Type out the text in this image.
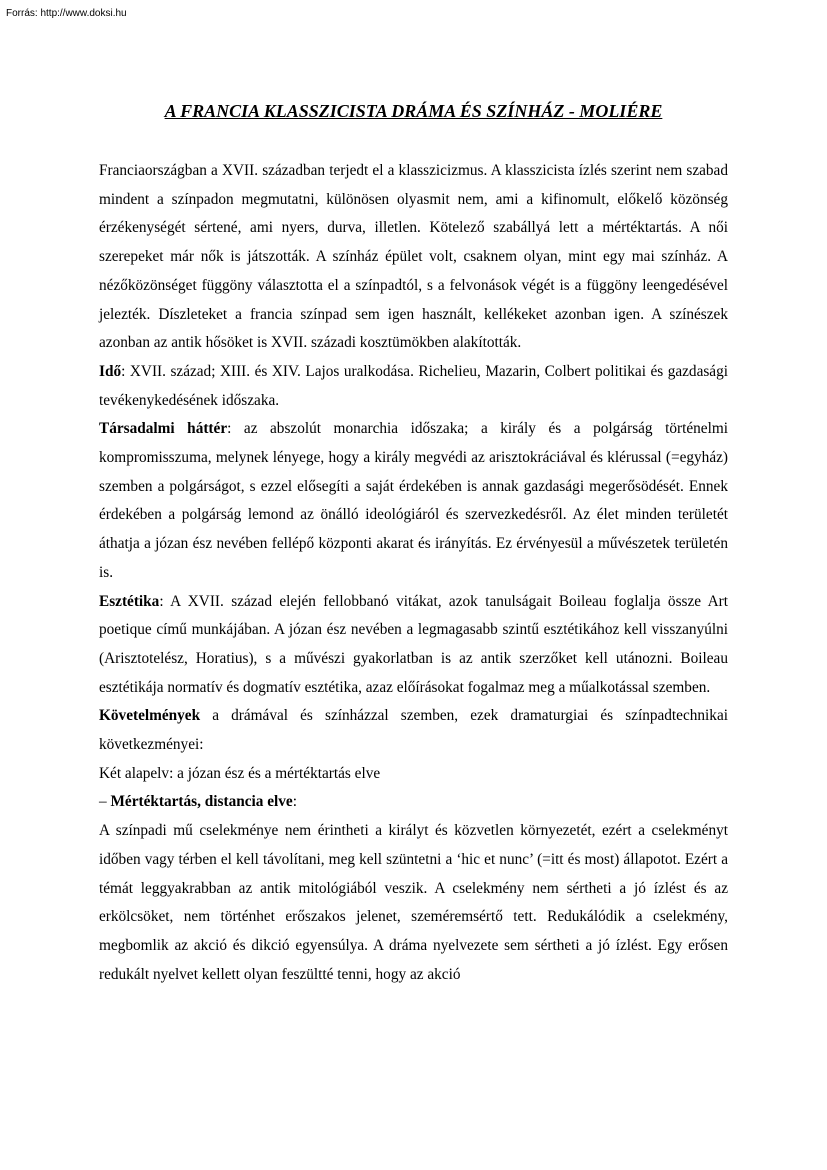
Forrás: http://www.doksi.hu
A FRANCIA KLASSZICISTA DRÁMA ÉS SZÍNHÁZ - MOLIÉRE

Franciaországban a XVII. században terjedt el a klasszicizmus. A klasszicista ízlés szerint nem szabad mindent a színpadon megmutatni, különösen olyasmit nem, ami a kifinomult, előkelő közönség érzékenységét sértené, ami nyers, durva, illetlen. Kötelező szabállyá lett a mértéktartás. A női szerepeket már nők is játszották. A színház épület volt, csaknem olyan, mint egy mai színház. A nézőközönséget függöny választotta el a színpadtól, s a felvonások végét is a függöny leengedésével jelezték. Díszleteket a francia színpad sem igen használt, kellékeket azonban igen. A színészek azonban az antik hősöket is XVII. századi kosztümökben alakították.

Idő: XVII. század; XIII. és XIV. Lajos uralkodása. Richelieu, Mazarin, Colbert politikai és gazdasági tevékenykedésének időszaka.

Társadalmi háttér: az abszolút monarchia időszaka; a király és a polgárság történelmi kompromisszuma, melynek lényege, hogy a király megvédi az arisztokráciával és klérussal (=egyház) szemben a polgárságot, s ezzel elősegíti a saját érdekében is annak gazdasági megerősödését. Ennek érdekében a polgárság lemond az önálló ideológiáról és szervezkedésről. Az élet minden területét áthatja a józan ész nevében fellépő központi akarat és irányítás. Ez érvényesül a művészetek területén is.

Esztétika: A XVII. század elején fellobbanó vitákat, azok tanulságait Boileau foglalja össze Art poetique című munkájában. A józan ész nevében a legmagasabb szintű esztétikához kell visszanyúlni (Arisztotelész, Horatius), s a művészi gyakorlatban is az antik szerzőket kell utánozni. Boileau esztétikája normatív és dogmatív esztétika, azaz előírásokat fogalmaz meg a műalkotással szemben.

Követelmények a drámával és színházzal szemben, ezek dramaturgiai és színpadtechnikai következményei:

Két alapelv: a józan ész és a mértéktartás elve

– Mértéktartás, distancia elve:

A színpadi mű cselekménye nem érintheti a királyt és közvetlen környezetét, ezért a cselekményt időben vagy térben el kell távolítani, meg kell szüntetni a ‘hic et nunc’ (=itt és most) állapotot. Ezért a témát leggyakrabban az antik mitológiából veszik. A cselekmény nem sértheti a jó ízlést és az erkölcsöket, nem történhet erőszakos jelenet, szeméremsértő tett. Redukálódik a cselekmény, megbomlik az akció és dikció egyensúlya. A dráma nyelvezete sem sértheti a jó ízlést. Egy erősen redukált nyelvet kellett olyan feszültté tenni, hogy az akció
